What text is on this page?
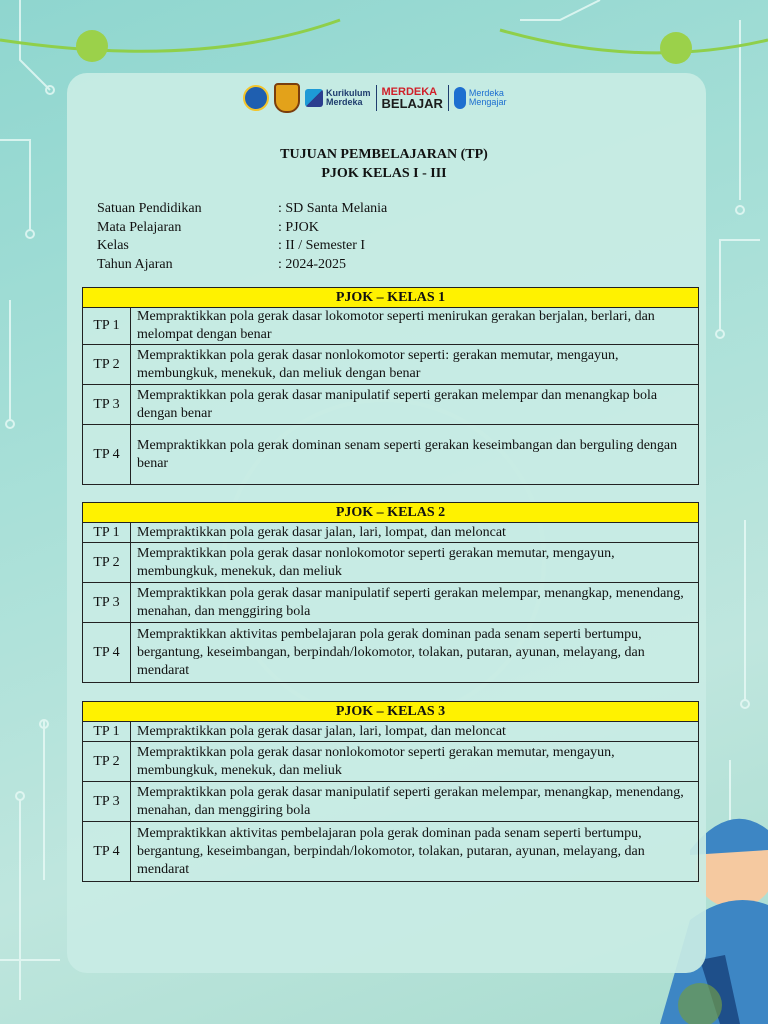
Kurikulum
Merdeka
MERDEKA
BELAJAR
Merdeka
Mengajar
TUJUAN PEMBELAJARAN (TP)
PJOK KELAS I - III
Satuan Pendidikan	: SD Santa Melania
Mata Pelajaran	: PJOK
Kelas	: II / Semester I
Tahun Ajaran	: 2024-2025
PJOK – KELAS 1	
TP 1	Mempraktikkan pola gerak dasar lokomotor seperti menirukan gerakan berjalan, berlari, dan melompat dengan benar
TP 2	Mempraktikkan pola gerak dasar nonlokomotor seperti: gerakan memutar, mengayun, membungkuk, menekuk, dan meliuk dengan benar
TP 3	Mempraktikkan pola gerak dasar manipulatif seperti gerakan melempar dan menangkap bola dengan benar
TP 4	Mempraktikkan pola gerak dominan senam seperti gerakan keseimbangan dan berguling dengan benar
PJOK – KELAS 2	
TP 1	Mempraktikkan pola gerak dasar jalan, lari, lompat, dan meloncat
TP 2	Mempraktikkan pola gerak dasar nonlokomotor seperti gerakan memutar, mengayun, membungkuk, menekuk, dan meliuk
TP 3	Mempraktikkan pola gerak dasar manipulatif seperti gerakan melempar, menangkap, menendang, menahan, dan menggiring bola
TP 4	Mempraktikkan aktivitas pembelajaran pola gerak dominan pada senam seperti bertumpu, bergantung, keseimbangan, berpindah/lokomotor, tolakan, putaran, ayunan, melayang, dan mendarat
PJOK – KELAS 3	
TP 1	Mempraktikkan pola gerak dasar jalan, lari, lompat, dan meloncat
TP 2	Mempraktikkan pola gerak dasar nonlokomotor seperti gerakan memutar, mengayun, membungkuk, menekuk, dan meliuk
TP 3	Mempraktikkan pola gerak dasar manipulatif seperti gerakan melempar, menangkap, menendang, menahan, dan menggiring bola
TP 4	Mempraktikkan aktivitas pembelajaran pola gerak dominan pada senam seperti bertumpu, bergantung, keseimbangan, berpindah/lokomotor, tolakan, putaran, ayunan, melayang, dan mendarat
